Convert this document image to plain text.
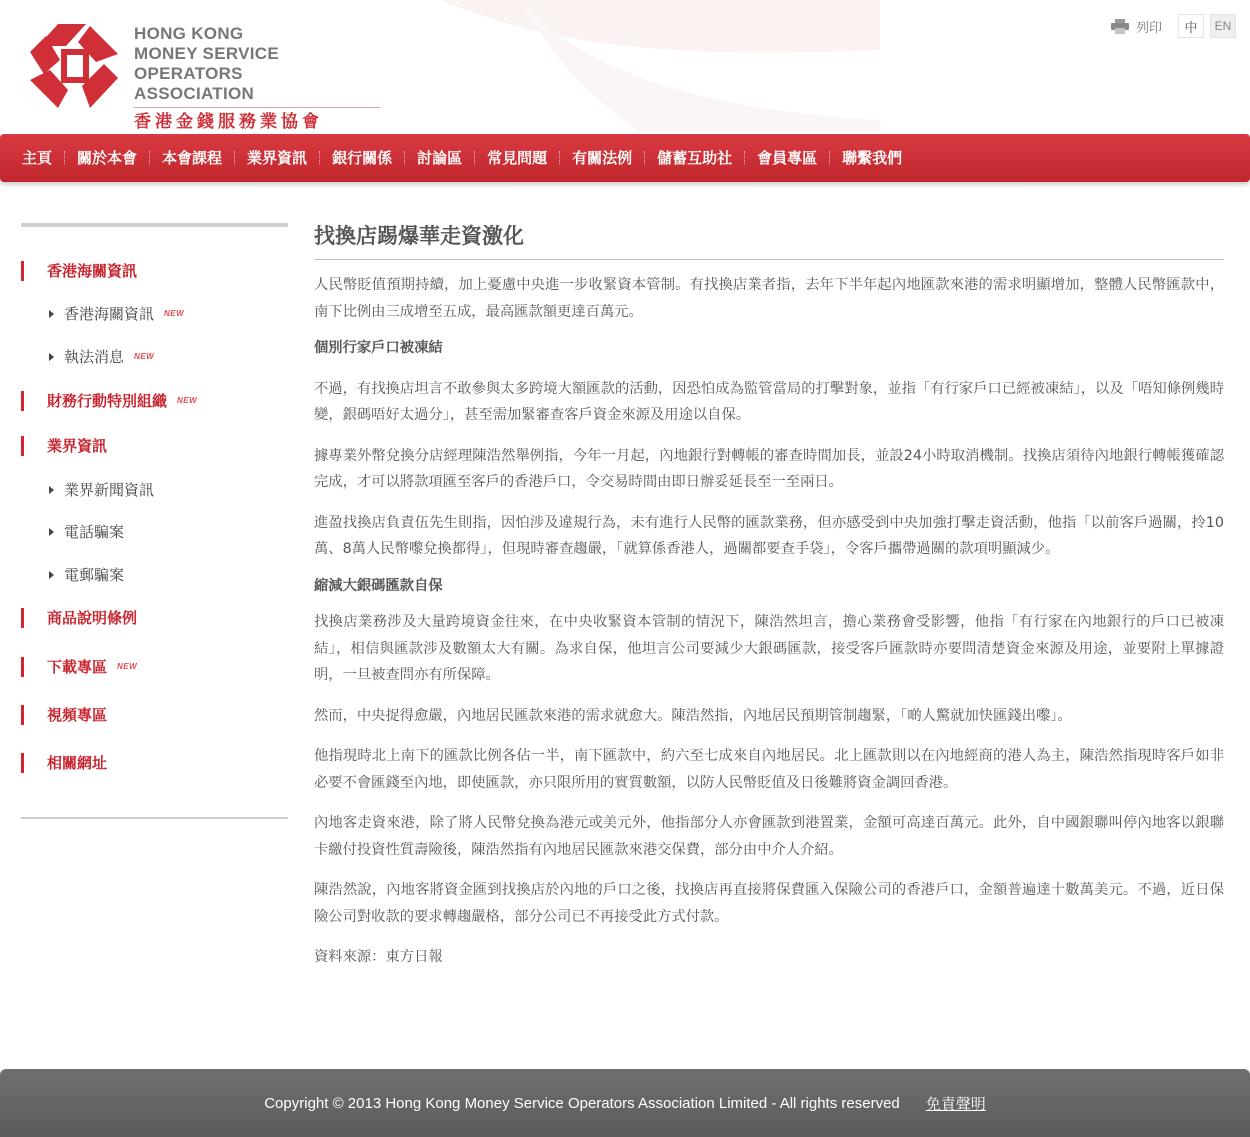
HONG KONG
MONEY SERVICE OPERATORS
ASSOCIATION
香港金錢服務業協會
列印	中	EN
主頁	關於本會	本會課程	業界資訊	銀行關係	討論區	常見問題	有關法例	儲蓄互助社	會員專區	聯繫我們
香港海關資訊
香港海關資訊 NEW
執法消息 NEW
財務行動特別組織 NEW
業界資訊
業界新聞資訊
電話騙案
電郵騙案
商品說明條例
下載專區 NEW
視頻專區
相關網址
找換店踢爆華走資激化
人民幣貶值預期持續，加上憂慮中央進一步收緊資本管制。有找換店業者指，去年下半年起內地匯款來港的需求明顯增加，整體人民幣匯款中，南下比例由三成增至五成，最高匯款額更達百萬元。
個別行家戶口被凍結
不過，有找換店坦言不敢參與太多跨境大額匯款的活動，因恐怕成為監管當局的打擊對象，並指「有行家戶口已經被凍結」，以及「唔知條例幾時變，銀碼唔好太過分」，甚至需加緊審查客戶資金來源及用途以自保。
據專業外幣兌換分店經理陳浩然舉例指，今年一月起，內地銀行對轉帳的審查時間加長，並設24小時取消機制。找換店須待內地銀行轉帳獲確認完成，才可以將款項匯至客戶的香港戶口，令交易時間由即日辦妥延長至一至兩日。
進盈找換店負責伍先生則指，因怕涉及違規行為，未有進行人民幣的匯款業務，但亦感受到中央加強打擊走資活動，他指「以前客戶過關，拎10萬、8萬人民幣嚟兌換都得」，但現時審查趨嚴，「就算係香港人，過關都要查手袋」，令客戶攜帶過關的款項明顯減少。
縮減大銀碼匯款自保
找換店業務涉及大量跨境資金往來，在中央收緊資本管制的情況下，陳浩然坦言，擔心業務會受影響，他指「有行家在內地銀行的戶口已被凍結」，相信與匯款涉及數額太大有關。為求自保，他坦言公司要減少大銀碼匯款，接受客戶匯款時亦要問清楚資金來源及用途，並要附上單據證明，一旦被查問亦有所保障。
然而，中央捉得愈嚴，內地居民匯款來港的需求就愈大。陳浩然指，內地居民預期管制趨緊，「啲人驚就加快匯錢出嚟」。
他指現時北上南下的匯款比例各佔一半，南下匯款中，約六至七成來自內地居民。北上匯款則以在內地經商的港人為主，陳浩然指現時客戶如非必要不會匯錢至內地，即使匯款，亦只限所用的實質數額，以防人民幣貶值及日後難將資金調回香港。
內地客走資來港，除了將人民幣兌換為港元或美元外，他指部分人亦會匯款到港置業，金額可高達百萬元。此外，自中國銀聯叫停內地客以銀聯卡繳付投資性質壽險後，陳浩然指有內地居民匯款來港交保費，部分由中介人介紹。
陳浩然說，內地客將資金匯到找換店於內地的戶口之後，找換店再直接將保費匯入保險公司的香港戶口，金額普遍達十數萬美元。不過，近日保險公司對收款的要求轉趨嚴格，部分公司已不再接受此方式付款。
資料來源：東方日報
Copyright © 2013 Hong Kong Money Service Operators Association Limited - All rights reserved 免責聲明
